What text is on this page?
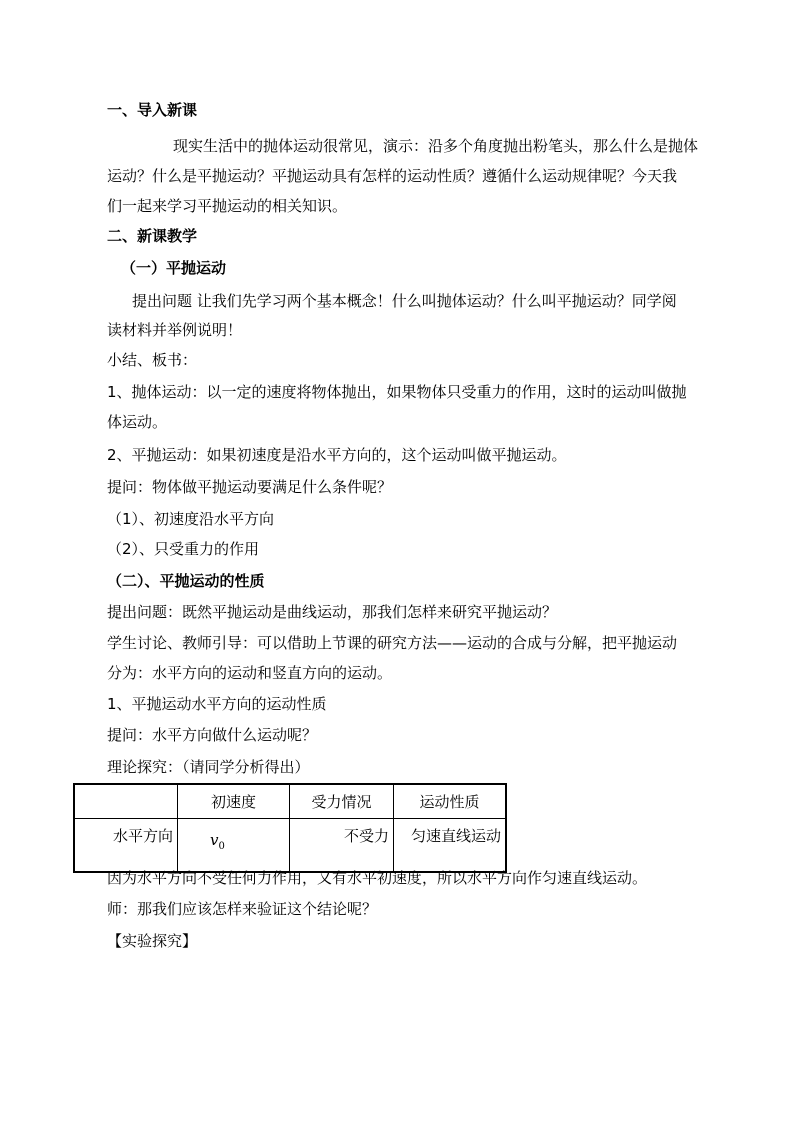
一、导入新课
现实生活中的抛体运动很常见，演示：沿多个角度抛出粉笔头，那么什么是抛体
运动？什么是平抛运动？平抛运动具有怎样的运动性质？遵循什么运动规律呢？今天我
们一起来学习平抛运动的相关知识。
二、新课教学
（一）平抛运动
提出问题 让我们先学习两个基本概念！什么叫抛体运动？什么叫平抛运动？同学阅
读材料并举例说明！
小结、板书：
1、抛体运动：以一定的速度将物体抛出，如果物体只受重力的作用，这时的运动叫做抛
体运动。
2、平抛运动：如果初速度是沿水平方向的，这个运动叫做平抛运动。
提问：物体做平抛运动要满足什么条件呢？
（1）、初速度沿水平方向
（2）、只受重力的作用
（二）、平抛运动的性质
提出问题：既然平抛运动是曲线运动，那我们怎样来研究平抛运动？
学生讨论、教师引导：可以借助上节课的研究方法——运动的合成与分解，把平抛运动
分为：水平方向的运动和竖直方向的运动。
1、平抛运动水平方向的运动性质
提问：水平方向做什么运动呢？
理论探究：（请同学分析得出）
	初速度	受力情况	运动性质
水平方向	$v_0$	不受力	匀速直线运动
因为水平方向不受任何力作用，又有水平初速度，所以水平方向作匀速直线运动。
师：那我们应该怎样来验证这个结论呢？
【实验探究】
